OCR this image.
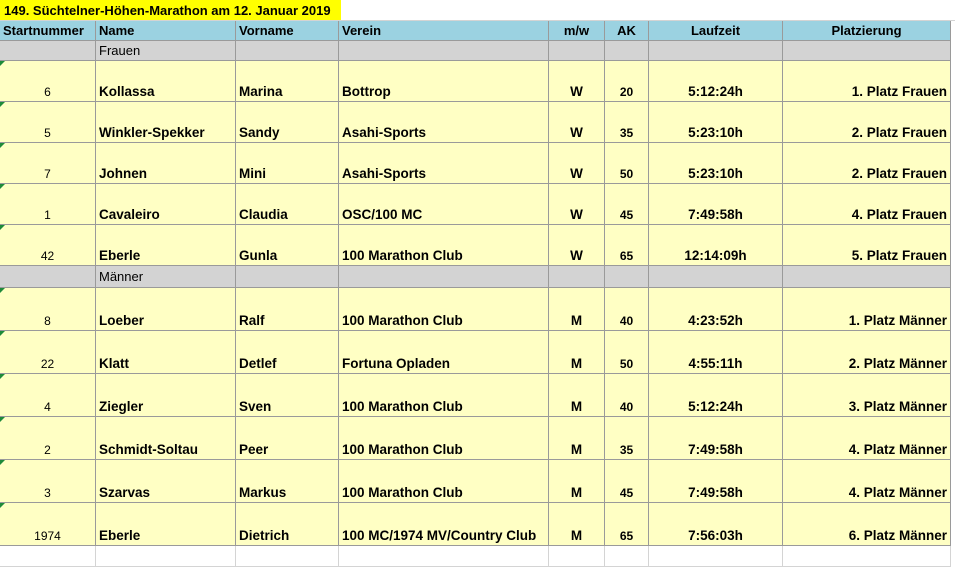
149. Süchtelner-Höhen-Marathon am 12. Januar 2019
Startnummer	Name	Vorname	Verein	m/w	AK	Laufzeit	Platzierung
Frauen
6	Kollassa	Marina	Bottrop	W	20	5:12:24h	1. Platz Frauen
5	Winkler-Spekker	Sandy	Asahi-Sports	W	35	5:23:10h	2. Platz Frauen
7	Johnen	Mini	Asahi-Sports	W	50	5:23:10h	2. Platz Frauen
1	Cavaleiro	Claudia	OSC/100 MC	W	45	7:49:58h	4. Platz Frauen
42	Eberle	Gunla	100 Marathon Club	W	65	12:14:09h	5. Platz Frauen
Männer
8	Loeber	Ralf	100 Marathon Club	M	40	4:23:52h	1. Platz Männer
22	Klatt	Detlef	Fortuna Opladen	M	50	4:55:11h	2. Platz Männer
4	Ziegler	Sven	100 Marathon Club	M	40	5:12:24h	3. Platz Männer
2	Schmidt-Soltau	Peer	100 Marathon Club	M	35	7:49:58h	4. Platz Männer
3	Szarvas	Markus	100 Marathon Club	M	45	7:49:58h	4. Platz Männer
1974	Eberle	Dietrich	100 MC/1974 MV/Country Club	M	65	7:56:03h	6. Platz Männer
